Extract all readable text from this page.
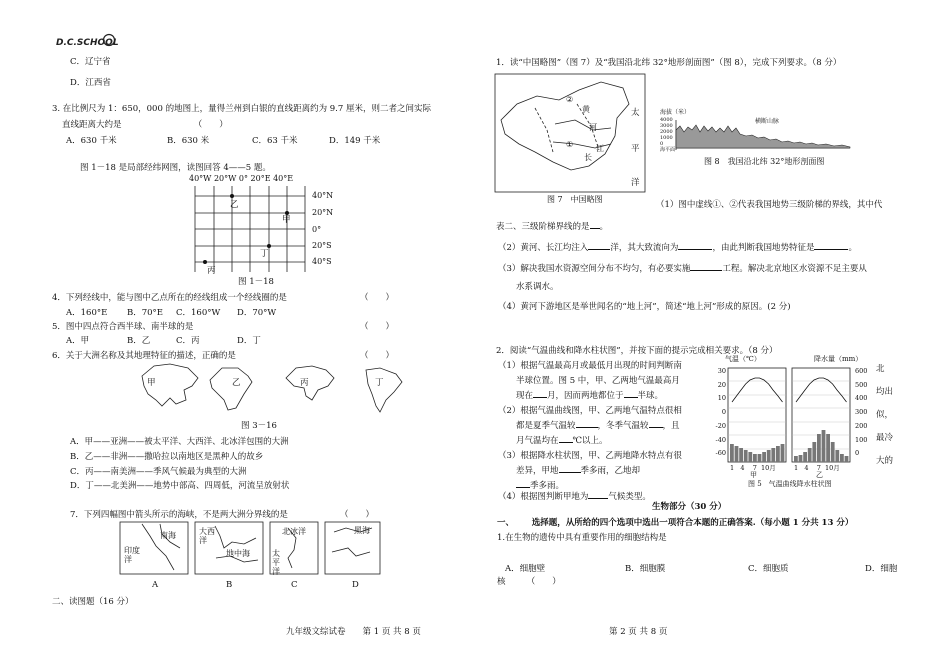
D.C.SCHOOL
C．辽宁省
D．江西省
3. 在比例尺为 1：650，000 的地图上，量得兰州到白银的直线距离约为 9.7 厘米，则二者之间实际
直线距离大约是　　　　　　　　　（　　）
A．630 千米	B．630 米	C．63 千米	D．149 千米
图 1－18 是局部经纬网图，读图回答 4——5 题。
40°W 20°W 0° 20°E 40°E
乙
甲
丁
丙
40°N
20°N
0°
20°S
40°S
图 1－18
4．下列经线中，能与图中乙点所在的经线组成一个经线圈的是	（　　）
A．160°E B．70°E C．160°W D．70°W
5．图中四点符合西半球、南半球的是	（　　）
A．甲	B．乙	C．丙	D．丁
6．关于大洲名称及其地理特征的描述，正确的是	（　　）
甲	乙	丙	丁
图 3－16
A．甲——亚洲——被太平洋、大西洋、北冰洋包围的大洲
B．乙——非洲——撒哈拉以南地区是黑种人的故乡
C．丙——南美洲——季风气候最为典型的大洲
D．丁——北美洲——地势中部高、四周低，河流呈放射状
7．下列四幅图中箭头所示的海峡，不是两大洲分界线的是	（　　）
南海
印度洋
大西洋
地中海
北冰洋
太平洋
黑海
A	B	C	D
二、读图题（16 分）
九年级文综试卷　　第 1 页 共 8 页
1．读“中国略图”（图 7）及“我国沿北纬 32°地形剖面图”（图 8），完成下列要求。（8 分）
②
黄
河
①	江
长
太
平
洋
图 7　中国略图
海拔（米）
横断山脉
4000
3000
2000
1000
0
海平面
图 8　我国沿北纬 32°地形剖面图
（1）图中虚线①、②代表我国地势三级阶梯的界线，其中代
表二、三级阶梯界线的是 。
（2）黄河、长江均注入	洋，其大致流向为	，由此判断我国地势特征是	。
（3）解决我国水资源空间分布不均匀，有必要实施	工程。解决北京地区水资源不足主要从
水系调水。
（4）黄河下游地区是举世闻名的“地上河”，简述“地上河”形成的原因。(2 分)
2．阅读“气温曲线和降水柱状图”，并按下面的提示完成相关要求。（8 分）
（1）根据气温最高月或最低月出现的时间判断南
半球位置。图 5 中，甲、乙两地气温最高月
现在 月，因而两地都位于 半球。
（2）根据气温曲线图，甲、乙两地气温特点很相
都是夏季气温较	，冬季气温较 ，且
月气温均在 ℃以上。
（3）根据降水柱状图，甲、乙两地降水特点有很
差异，甲地	季多雨，乙地却
季多雨。
（4）根据图判断甲地为 气候类型。
气温（℃）	降水量（mm）
30
20
10
0
-20
-40
-60
600
500
400
300
200
100
0
1 4 7 10月	1 4 7 10月
甲	乙
图 5　气温曲线降水柱状图
北
均出
似，
最冷
大的
生物部分（30 分）
一、 选择题，从所给的四个选项中选出一项符合本题的正确答案.（每小题 1 分共 13 分）
1.在生物的遗传中具有重要作用的细胞结构是
A．细胞壁	B．细胞膜	C．细胞质	D．细胞
核　　　（　　）
第 2 页 共 8 页
